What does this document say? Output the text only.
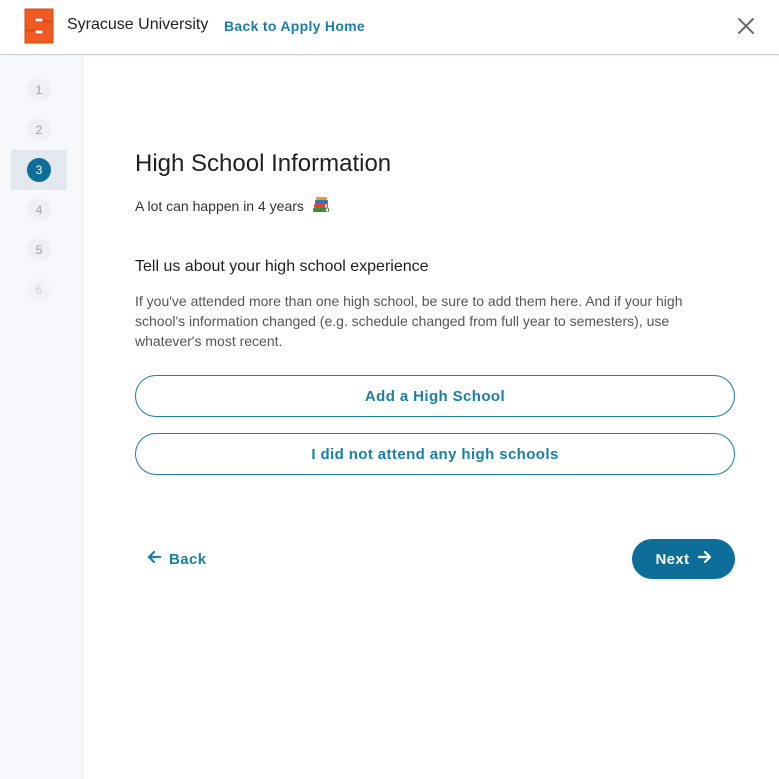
Syracuse University Back to Apply Home
1
2
3
4
5
6
High School Information

A lot can happen in 4 years

Tell us about your high school experience

If you've attended more than one high school, be sure to add them here. And if your high school's information changed (e.g. schedule changed from full year to semesters), use whatever's most recent.

Add a High School
I did not attend any high schools
Back	Next
